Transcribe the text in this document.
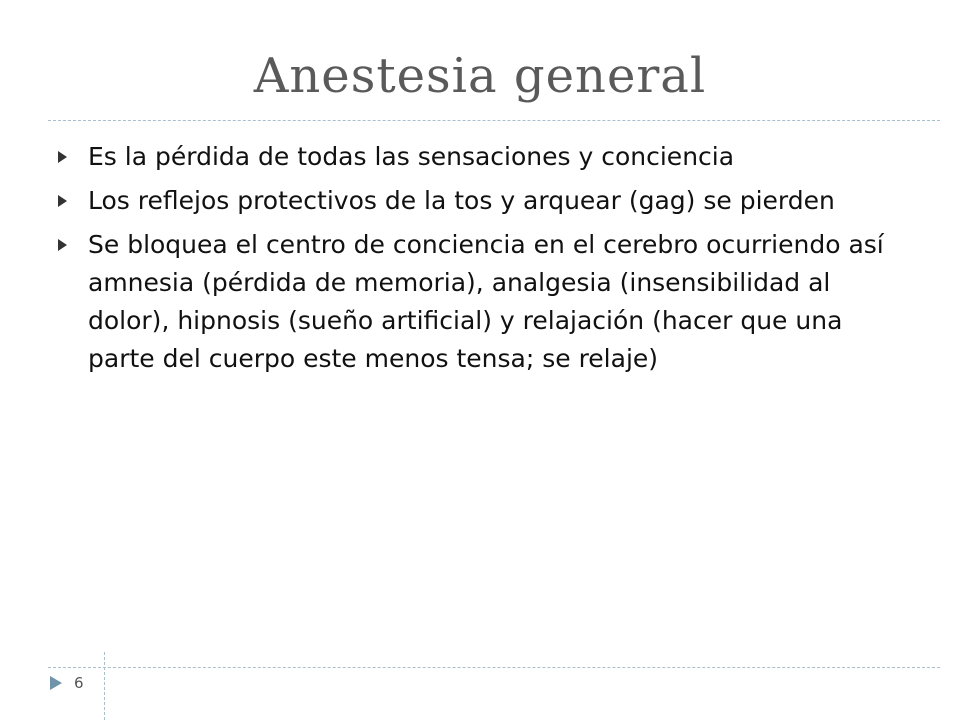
Anestesia general
Es la pérdida de todas las sensaciones y conciencia
Los reflejos protectivos de la tos y arquear (gag) se pierden
Se bloquea el centro de conciencia en el cerebro ocurriendo así amnesia (pérdida de memoria), analgesia (insensibilidad al dolor), hipnosis (sueño artificial) y relajación (hacer que una parte del cuerpo este menos tensa; se relaje)
6
